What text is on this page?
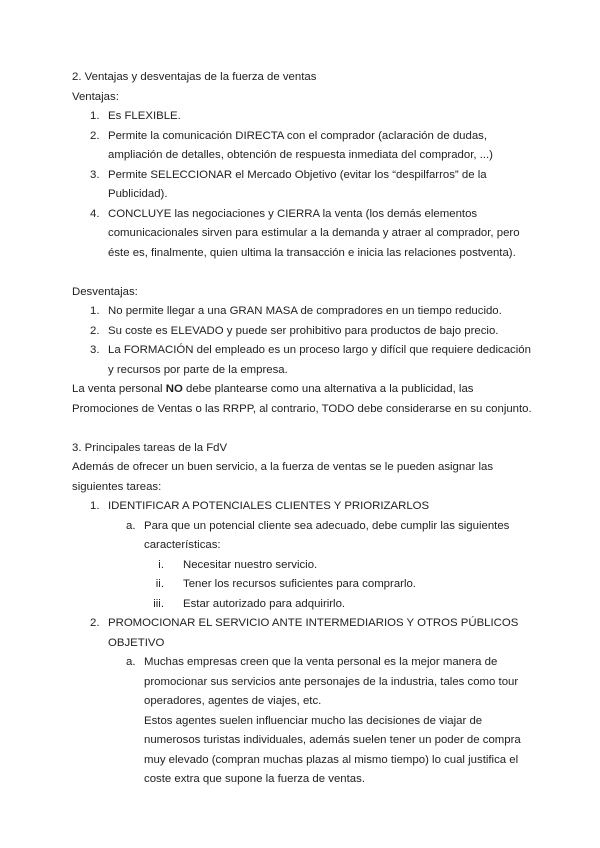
2. Ventajas y desventajas de la fuerza de ventas

Ventajas:

1. Es FLEXIBLE.
2. Permite la comunicación DIRECTA con el comprador (aclaración de dudas, ampliación de detalles, obtención de respuesta inmediata del comprador, ...)
3. Permite SELECCIONAR el Mercado Objetivo (evitar los “despilfarros” de la Publicidad).
4. CONCLUYE las negociaciones y CIERRA la venta (los demás elementos comunicacionales sirven para estimular a la demanda y atraer al comprador, pero éste es, finalmente, quien ultima la transacción e inicia las relaciones postventa).

Desventajas:

1. No permite llegar a una GRAN MASA de compradores en un tiempo reducido.
2. Su coste es ELEVADO y puede ser prohibitivo para productos de bajo precio.
3. La FORMACIÓN del empleado es un proceso largo y difícil que requiere dedicación y recursos por parte de la empresa.

La venta personal NO debe plantearse como una alternativa a la publicidad, las Promociones de Ventas o las RRPP, al contrario, TODO debe considerarse en su conjunto.

3. Principales tareas de la FdV

Además de ofrecer un buen servicio, a la fuerza de ventas se le pueden asignar las siguientes tareas:

1. IDENTIFICAR A POTENCIALES CLIENTES Y PRIORIZARLOS
a. Para que un potencial cliente sea adecuado, debe cumplir las siguientes características:
i. Necesitar nuestro servicio.
ii. Tener los recursos suficientes para comprarlo.
iii. Estar autorizado para adquirirlo.
2. PROMOCIONAR EL SERVICIO ANTE INTERMEDIARIOS Y OTROS PÚBLICOS OBJETIVO
a. Muchas empresas creen que la venta personal es la mejor manera de promocionar sus servicios ante personajes de la industria, tales como tour operadores, agentes de viajes, etc.

Estos agentes suelen influenciar mucho las decisiones de viajar de numerosos turistas individuales, además suelen tener un poder de compra muy elevado (compran muchas plazas al mismo tiempo) lo cual justifica el coste extra que supone la fuerza de ventas.
